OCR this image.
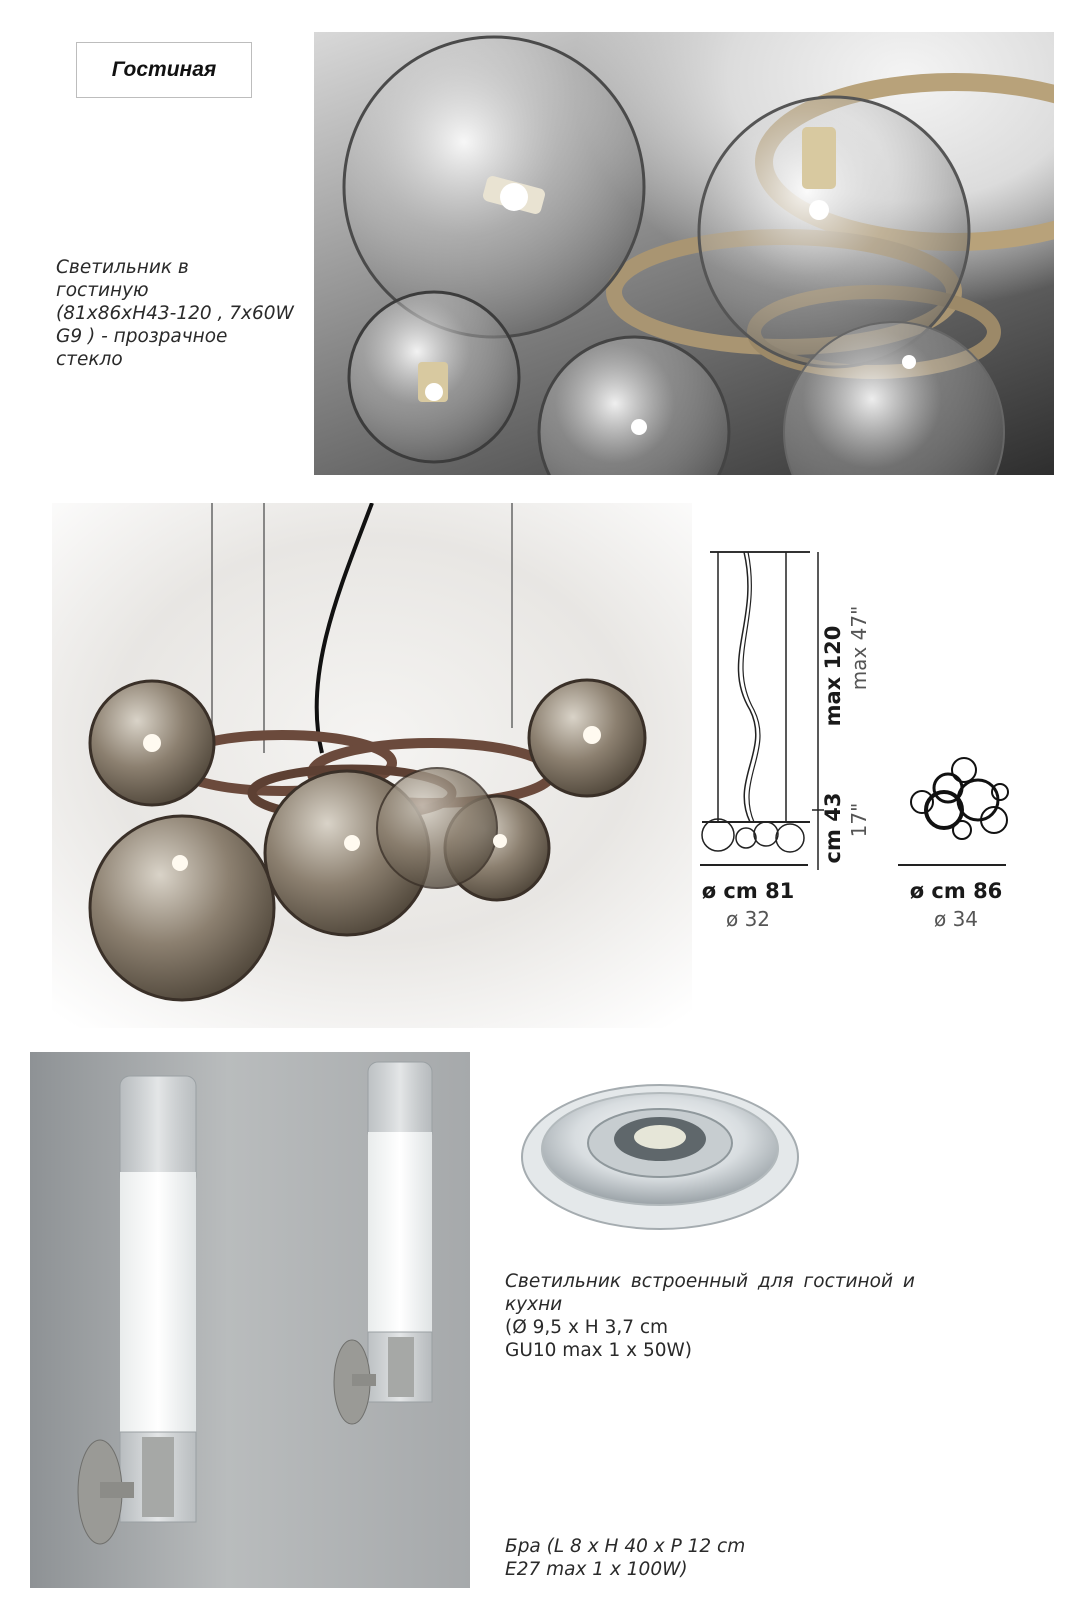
Гостиная
Светильник в
гостиную
(81x86xH43-120 , 7x60W
G9 ) - прозрачное
стекло
max 120 max 47"
cm 43 17"
ø cm 81
ø 32
ø cm 86
ø 34
Светильник встроенный для гостиной и
кухни
(Ø 9,5 x H 3,7 cm
GU10 max 1 x 50W)
Бра (L 8 x H 40 x P 12 cm
E27 max 1 x 100W)
